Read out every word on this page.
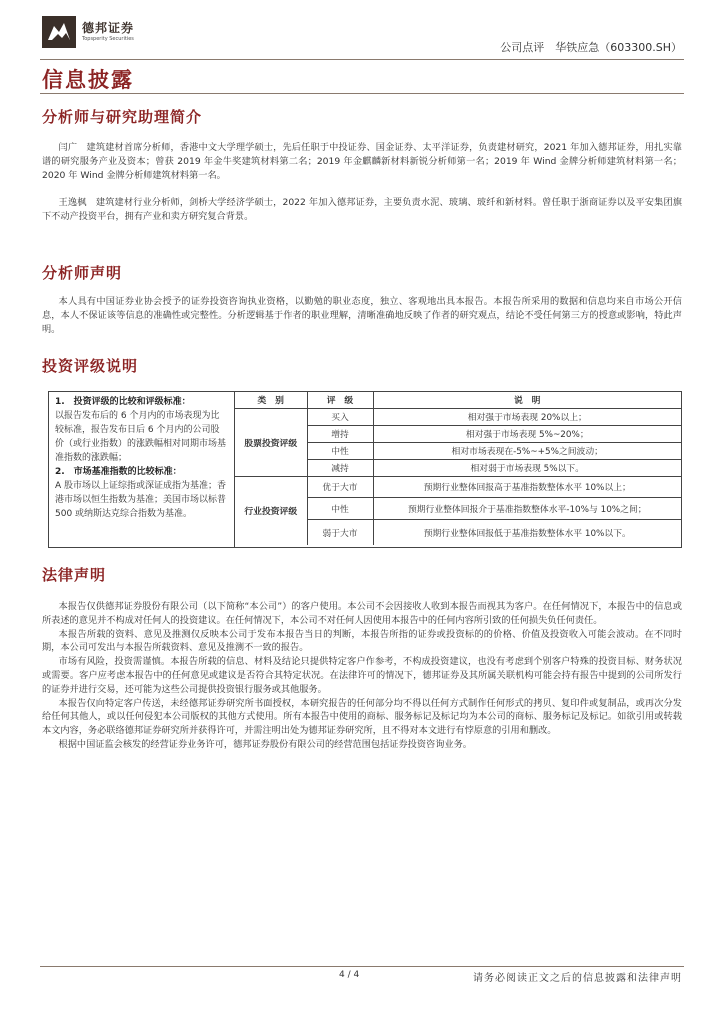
德邦证券
Topsperity Securities
公司点评　华铁应急（603300.SH）
信息披露
分析师与研究助理简介

闫广　建筑建材首席分析师，香港中文大学理学硕士，先后任职于中投证券、国金证券、太平洋证券，负责建材研究，2021 年加入德邦证券，用扎实靠谱的研究服务产业及资本；曾获 2019 年金牛奖建筑材料第二名；2019 年金麒麟新材料新锐分析师第一名；2019 年 Wind 金牌分析师建筑材料第一名；2020 年 Wind 金牌分析师建筑材料第一名。

王逸枫　建筑建材行业分析师，剑桥大学经济学硕士，2022 年加入德邦证券，主要负责水泥、玻璃、玻纤和新材料。曾任职于浙商证券以及平安集团旗下不动产投资平台，拥有产业和卖方研究复合背景。

分析师声明

本人具有中国证券业协会授予的证券投资咨询执业资格，以勤勉的职业态度，独立、客观地出具本报告。本报告所采用的数据和信息均来自市场公开信息，本人不保证该等信息的准确性或完整性。分析逻辑基于作者的职业理解，清晰准确地反映了作者的研究观点，结论不受任何第三方的授意或影响，特此声明。

投资评级说明
1.　投资评级的比较和评级标准：
以报告发布后的 6 个月内的市场表现为比较标准，报告发布日后 6 个月内的公司股价（或行业指数）的涨跌幅相对同期市场基准指数的涨跌幅；
2.　市场基准指数的比较标准：
A 股市场以上证综指或深证成指为基准；香港市场以恒生指数为基准；美国市场以标普 500 或纳斯达克综合指数为基准。
类　别	评　级	说　明
股票投资评级	买入	相对强于市场表现 20%以上；
	增持	相对强于市场表现 5%~20%；
	中性	相对市场表现在-5%~+5%之间波动；
	减持	相对弱于市场表现 5%以下。
行业投资评级	优于大市	预期行业整体回报高于基准指数整体水平 10%以上；
	中性	预期行业整体回报介于基准指数整体水平-10%与 10%之间；
	弱于大市	预期行业整体回报低于基准指数整体水平 10%以下。
法律声明

本报告仅供德邦证券股份有限公司（以下简称“本公司”）的客户使用。本公司不会因接收人收到本报告而视其为客户。在任何情况下，本报告中的信息或所表述的意见并不构成对任何人的投资建议。在任何情况下，本公司不对任何人因使用本报告中的任何内容所引致的任何损失负任何责任。

本报告所载的资料、意见及推测仅反映本公司于发布本报告当日的判断，本报告所指的证券或投资标的的价格、价值及投资收入可能会波动。在不同时期，本公司可发出与本报告所载资料、意见及推测不一致的报告。

市场有风险，投资需谨慎。本报告所载的信息、材料及结论只提供特定客户作参考，不构成投资建议，也没有考虑到个别客户特殊的投资目标、财务状况或需要。客户应考虑本报告中的任何意见或建议是否符合其特定状况。在法律许可的情况下，德邦证券及其所属关联机构可能会持有报告中提到的公司所发行的证券并进行交易，还可能为这些公司提供投资银行服务或其他服务。

本报告仅向特定客户传送，未经德邦证券研究所书面授权，本研究报告的任何部分均不得以任何方式制作任何形式的拷贝、复印件或复制品，或再次分发给任何其他人，或以任何侵犯本公司版权的其他方式使用。所有本报告中使用的商标、服务标记及标记均为本公司的商标、服务标记及标记。如欲引用或转载本文内容，务必联络德邦证券研究所并获得许可，并需注明出处为德邦证券研究所，且不得对本文进行有悖原意的引用和删改。

根据中国证监会核发的经营证券业务许可，德邦证券股份有限公司的经营范围包括证券投资咨询业务。

4 / 4	请务必阅读正文之后的信息披露和法律声明
